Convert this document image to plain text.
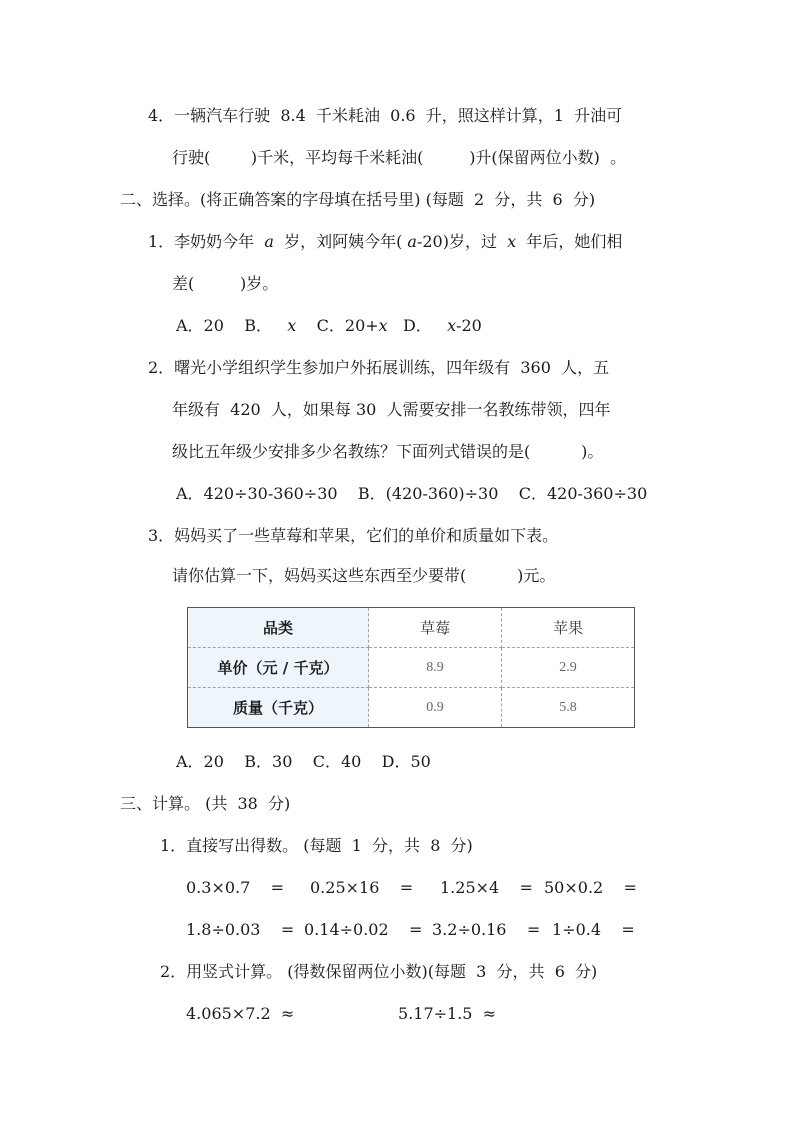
4．一辆汽车行驶  8.4  千米耗油  0.6  升，照这样计算，1  升油可
行驶(        )千米，平均每千米耗油(         )升(保留两位小数)  。
二、选择。(将正确答案的字母填在括号里) (每题  2  分，共  6  分)
1．李奶奶今年  a  岁，刘阿姨今年( a-20)岁，过  x  年后，她们相
差(         )岁。
A．20    B．   x    C．20+x   D．   x-20
2．曙光小学组织学生参加户外拓展训练，四年级有  360  人，五
年级有  420  人，如果每 30  人需要安排一名教练带领，四年
级比五年级少安排多少名教练？下面列式错误的是(          )。
A．420÷30-360÷30    B．(420-360)÷30    C．420-360÷30
3．妈妈买了一些草莓和苹果，它们的单价和质量如下表。
请你估算一下，妈妈买这些东西至少要带(          )元。
品类	草莓	苹果
单价（元 / 千克）	8.9	2.9
质量（千克）	0.9	5.8
A．20    B．30    C．40    D．50
三、计算。 (共  38  分)
1．直接写出得数。 (每题  1  分，共  8  分)
0.3×0.7    = 0.25×16    = 1.25×4    = 50×0.2    =
1.8÷0.03    = 0.14÷0.02    = 3.2÷0.16    = 1÷0.4    =
2．用竖式计算。 (得数保留两位小数)(每题  3  分，共  6  分)
4.065×7.2  ≈	5.17÷1.5  ≈
